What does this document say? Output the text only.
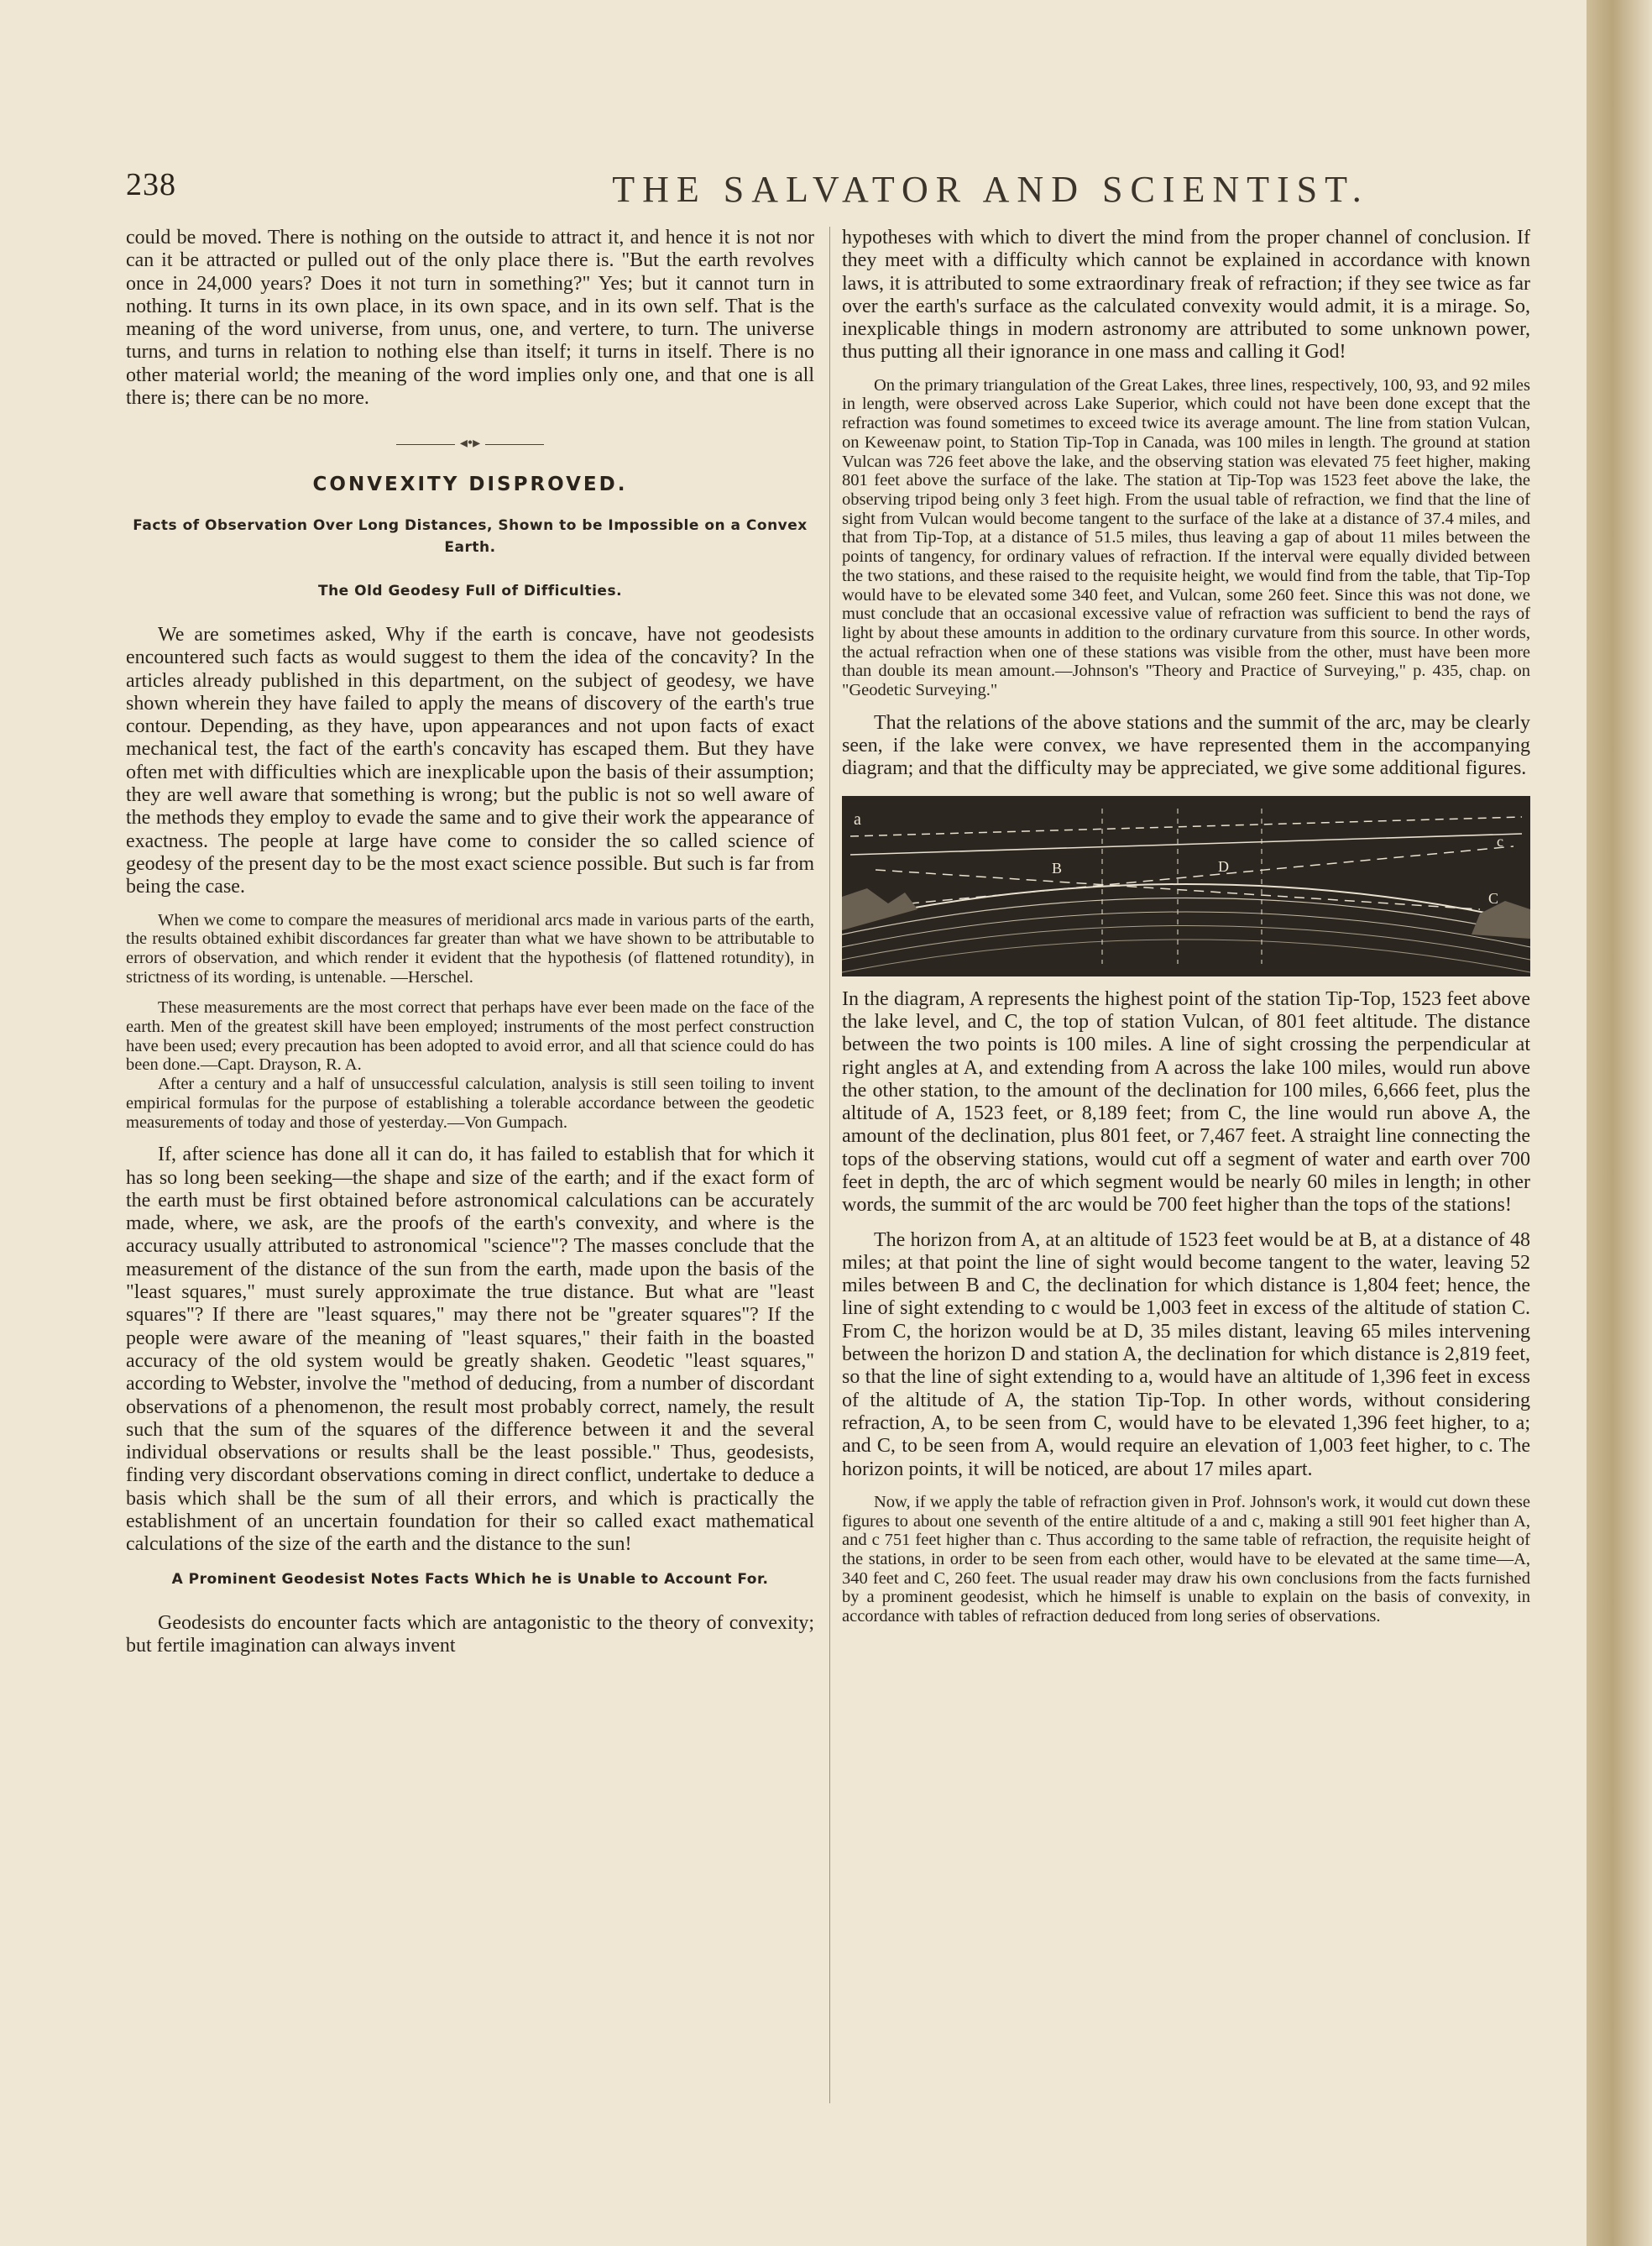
238	THE SALVATOR AND SCIENTIST.

could be moved. There is nothing on the outside to attract it, and hence it is not nor can it be attracted or pulled out of the only place there is. "But the earth revolves once in 24,000 years? Does it not turn in something?" Yes; but it cannot turn in nothing. It turns in its own place, in its own space, and in its own self. That is the meaning of the word universe, from unus, one, and vertere, to turn. The universe turns, and turns in relation to nothing else than itself; it turns in itself. There is no other material world; the meaning of the word implies only one, and that one is all there is; there can be no more.

◂•▸
CONVEXITY DISPROVED.
Facts of Observation Over Long Distances, Shown to be Impossible on a Convex Earth.
The Old Geodesy Full of Difficulties.

We are sometimes asked, Why if the earth is concave, have not geodesists encountered such facts as would suggest to them the idea of the concavity? In the articles already published in this department, on the subject of geodesy, we have shown wherein they have failed to apply the means of discovery of the earth's true contour. Depending, as they have, upon appearances and not upon facts of exact mechanical test, the fact of the earth's concavity has escaped them. But they have often met with difficulties which are inexplicable upon the basis of their assumption; they are well aware that something is wrong; but the public is not so well aware of the methods they employ to evade the same and to give their work the appearance of exactness. The people at large have come to consider the so called science of geodesy of the present day to be the most exact science possible. But such is far from being the case.

When we come to compare the measures of meridional arcs made in various parts of the earth, the results obtained exhibit discordances far greater than what we have shown to be attributable to errors of observation, and which render it evident that the hypothesis (of flattened rotundity), in strictness of its wording, is untenable. —Herschel.

These measurements are the most correct that perhaps have ever been made on the face of the earth. Men of the greatest skill have been employed; instruments of the most perfect construction have been used; every precaution has been adopted to avoid error, and all that science could do has been done.—Capt. Drayson, R. A.

After a century and a half of unsuccessful calculation, analysis is still seen toiling to invent empirical formulas for the purpose of establishing a tolerable accordance between the geodetic measurements of today and those of yesterday.—Von Gumpach.

If, after science has done all it can do, it has failed to establish that for which it has so long been seeking—the shape and size of the earth; and if the exact form of the earth must be first obtained before astronomical calculations can be accurately made, where, we ask, are the proofs of the earth's convexity, and where is the accuracy usually attributed to astronomical "science"? The masses conclude that the measurement of the distance of the sun from the earth, made upon the basis of the "least squares," must surely approximate the true distance. But what are "least squares"? If there are "least squares," may there not be "greater squares"? If the people were aware of the meaning of "least squares," their faith in the boasted accuracy of the old system would be greatly shaken. Geodetic "least squares," according to Webster, involve the "method of deducing, from a number of discordant observations of a phenomenon, the result most probably correct, namely, the result such that the sum of the squares of the difference between it and the several individual observations or results shall be the least possible." Thus, geodesists, finding very discordant observations coming in direct conflict, undertake to deduce a basis which shall be the sum of all their errors, and which is practically the establishment of an uncertain foundation for their so called exact mathematical calculations of the size of the earth and the distance to the sun!

A Prominent Geodesist Notes Facts Which he is Unable to Account For.

Geodesists do encounter facts which are antagonistic to the theory of convexity; but fertile imagination can always invent

hypotheses with which to divert the mind from the proper channel of conclusion. If they meet with a difficulty which cannot be explained in accordance with known laws, it is attributed to some extraordinary freak of refraction; if they see twice as far over the earth's surface as the calculated convexity would admit, it is a mirage. So, inexplicable things in modern astronomy are attributed to some unknown power, thus putting all their ignorance in one mass and calling it God!

On the primary triangulation of the Great Lakes, three lines, respectively, 100, 93, and 92 miles in length, were observed across Lake Superior, which could not have been done except that the refraction was found sometimes to exceed twice its average amount. The line from station Vulcan, on Keweenaw point, to Station Tip-Top in Canada, was 100 miles in length. The ground at station Vulcan was 726 feet above the lake, and the observing station was elevated 75 feet higher, making 801 feet above the surface of the lake. The station at Tip-Top was 1523 feet above the lake, the observing tripod being only 3 feet high. From the usual table of refraction, we find that the line of sight from Vulcan would become tangent to the surface of the lake at a distance of 37.4 miles, and that from Tip-Top, at a distance of 51.5 miles, thus leaving a gap of about 11 miles between the points of tangency, for ordinary values of refraction. If the interval were equally divided between the two stations, and these raised to the requisite height, we would find from the table, that Tip-Top would have to be elevated some 340 feet, and Vulcan, some 260 feet. Since this was not done, we must conclude that an occasional excessive value of refraction was sufficient to bend the rays of light by about these amounts in addition to the ordinary curvature from this source. In other words, the actual refraction when one of these stations was visible from the other, must have been more than double its mean amount.—Johnson's "Theory and Practice of Surveying," p. 435, chap. on "Geodetic Surveying."

That the relations of the above stations and the summit of the arc, may be clearly seen, if the lake were convex, we have represented them in the accompanying diagram; and that the difficulty may be appreciated, we give some additional figures.

a
B	D
c
C

In the diagram, A represents the highest point of the station Tip-Top, 1523 feet above the lake level, and C, the top of station Vulcan, of 801 feet altitude. The distance between the two points is 100 miles. A line of sight crossing the perpendicular at right angles at A, and extending from A across the lake 100 miles, would run above the other station, to the amount of the declination for 100 miles, 6,666 feet, plus the altitude of A, 1523 feet, or 8,189 feet; from C, the line would run above A, the amount of the declination, plus 801 feet, or 7,467 feet. A straight line connecting the tops of the observing stations, would cut off a segment of water and earth over 700 feet in depth, the arc of which segment would be nearly 60 miles in length; in other words, the summit of the arc would be 700 feet higher than the tops of the stations!

The horizon from A, at an altitude of 1523 feet would be at B, at a distance of 48 miles; at that point the line of sight would become tangent to the water, leaving 52 miles between B and C, the declination for which distance is 1,804 feet; hence, the line of sight extending to c would be 1,003 feet in excess of the altitude of station C. From C, the horizon would be at D, 35 miles distant, leaving 65 miles intervening between the horizon D and station A, the declination for which distance is 2,819 feet, so that the line of sight extending to a, would have an altitude of 1,396 feet in excess of the altitude of A, the station Tip-Top. In other words, without considering refraction, A, to be seen from C, would have to be elevated 1,396 feet higher, to a; and C, to be seen from A, would require an elevation of 1,003 feet higher, to c. The horizon points, it will be noticed, are about 17 miles apart.

Now, if we apply the table of refraction given in Prof. Johnson's work, it would cut down these figures to about one seventh of the entire altitude of a and c, making a still 901 feet higher than A, and c 751 feet higher than c. Thus according to the same table of refraction, the requisite height of the stations, in order to be seen from each other, would have to be elevated at the same time—A, 340 feet and C, 260 feet. The usual reader may draw his own conclusions from the facts furnished by a prominent geodesist, which he himself is unable to explain on the basis of convexity, in accordance with tables of refraction deduced from long series of observations.
